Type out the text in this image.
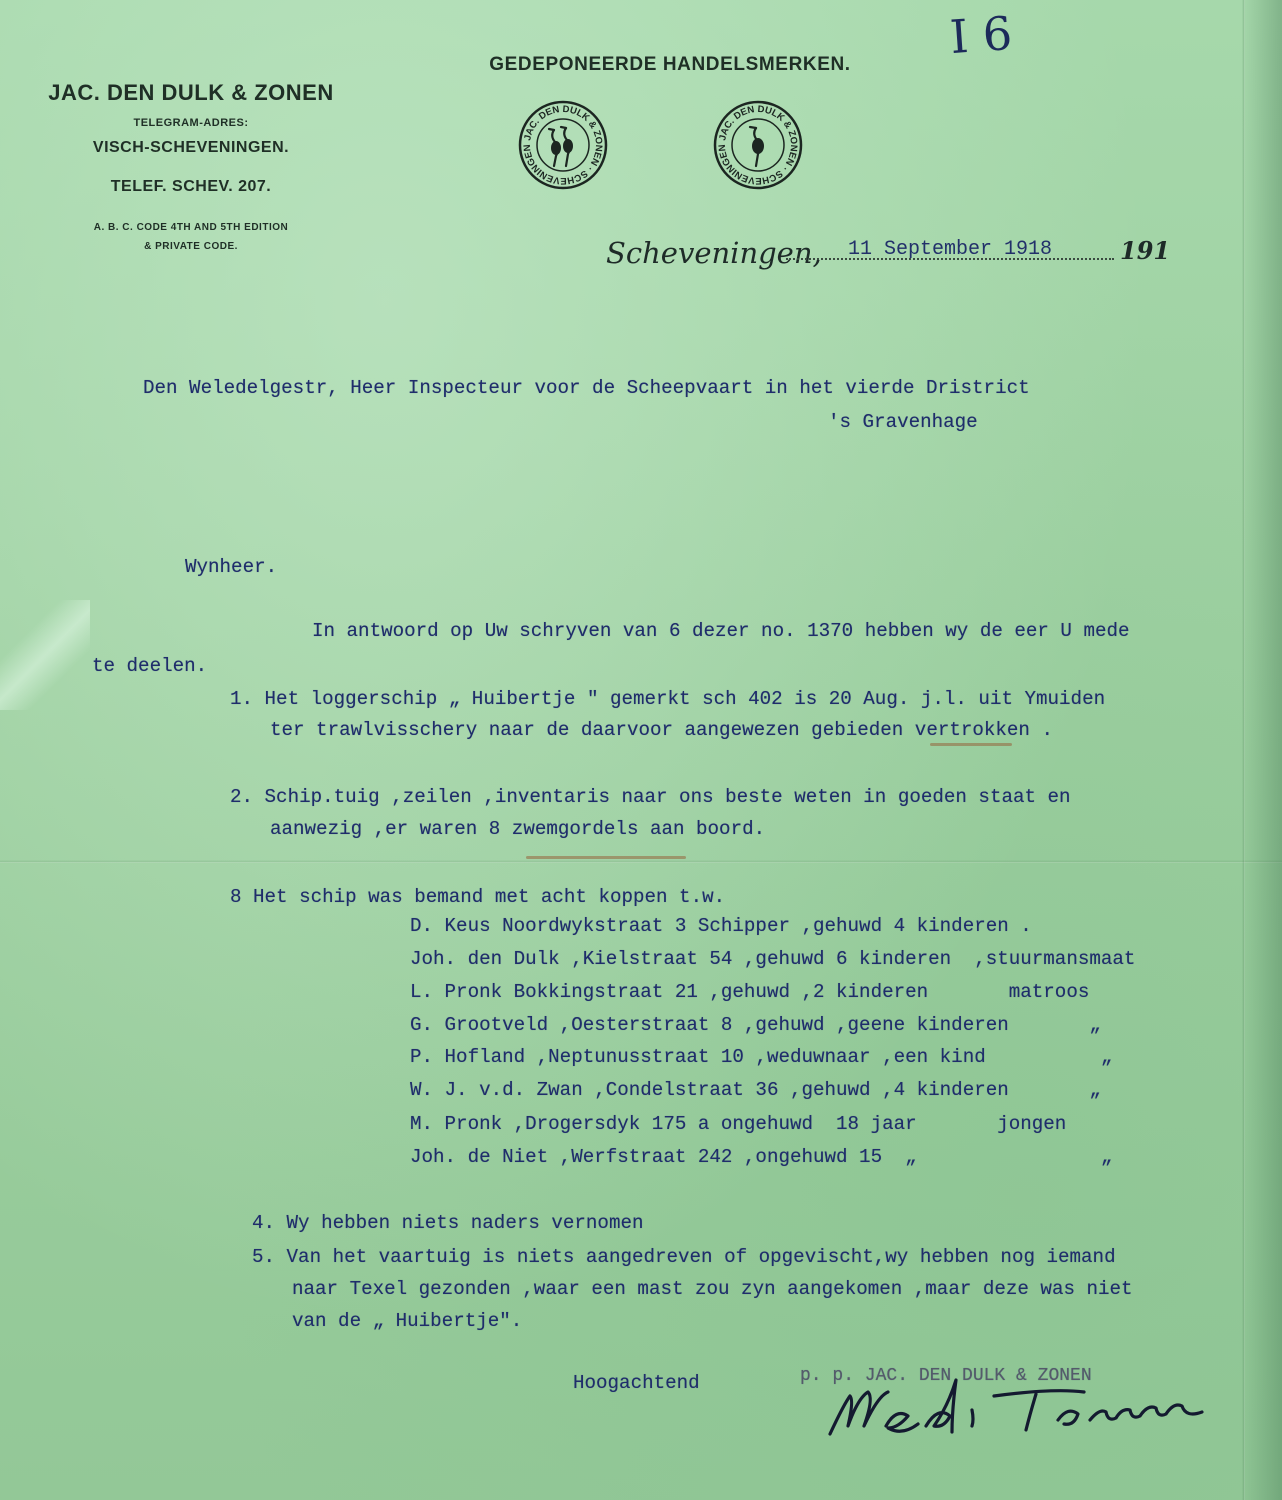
JAC. DEN DULK & ZONEN
TELEGRAM-ADRES:
VISCH-SCHEVENINGEN.
TELEF. SCHEV. 207.
A. B. C. CODE 4TH AND 5TH EDITION
& PRIVATE CODE.
GEDEPONEERDE HANDELSMERKEN.
JAC. DEN DULK & ZONEN · SCHEVENINGEN
JAC. DEN DULK & ZONEN · SCHEVENINGEN
I 6
Scheveningen, 11 September 1918	191
Den Weledelgestr, Heer Inspecteur voor de Scheepvaart in het vierde Dristrict
's Gravenhage
Wynheer.
In antwoord op Uw schryven van 6 dezer no. 1370 hebben wy de eer U mede
te deelen.
1. Het loggerschip „ Huibertje " gemerkt sch 402 is 20 Aug. j.l. uit Ymuiden
ter trawlvisschery naar de daarvoor aangewezen gebieden vertrokken .
2. Schip.tuig ,zeilen ,inventaris naar ons beste weten in goeden staat en
aanwezig ,er waren 8 zwemgordels aan boord.
8 Het schip was bemand met acht koppen t.w.
D. Keus Noordwykstraat 3 Schipper ,gehuwd 4 kinderen .
Joh. den Dulk ,Kielstraat 54 ,gehuwd 6 kinderen  ,stuurmansmaat
L. Pronk Bokkingstraat 21 ,gehuwd ,2 kinderen       matroos
G. Grootveld ,Oesterstraat 8 ,gehuwd ,geene kinderen       „
P. Hofland ,Neptunusstraat 10 ,weduwnaar ,een kind          „
W. J. v.d. Zwan ,Condelstraat 36 ,gehuwd ,4 kinderen       „
M. Pronk ,Drogersdyk 175 a ongehuwd  18 jaar       jongen
Joh. de Niet ,Werfstraat 242 ,ongehuwd 15  „                „
4. Wy hebben niets naders vernomen
5. Van het vaartuig is niets aangedreven of opgevischt,wy hebben nog iemand
naar Texel gezonden ,waar een mast zou zyn aangekomen ,maar deze was niet
van de „ Huibertje".
Hoogachtend	p. p. JAC. DEN DULK & ZONEN
